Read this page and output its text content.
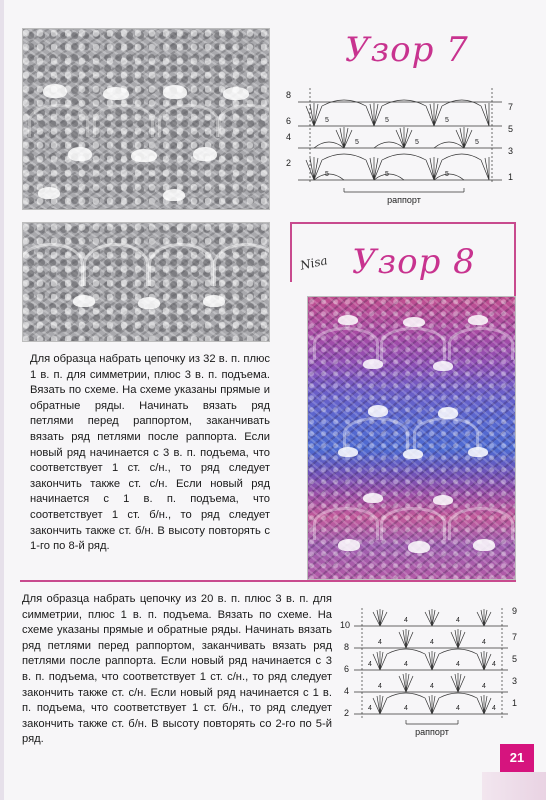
Узор 7
5	5	5
5	5	5
5	5	5
8
6
4
2
7
5
3
1
раппорт
Nisa Узор 8

Для образца набрать цепочку из 32 в. п. плюс 1 в. п. для симметрии, плюс 3 в. п. подъема. Вязать по схеме. На схеме указаны прямые и обратные ряды. Начинать вязать ряд петлями перед раппортом, заканчивать вязать ряд петлями после раппорта. Если новый ряд начинается с 3 в. п. подъема, что соответствует 1 ст. с/н., то ряд следует закончить также ст. с/н. Если новый ряд начинается с 1 в. п. подъема, что соответствует 1 ст. б/н., то ряд следует закончить также ст. б/н. В высоту повторять с 1-го по 8-й ряд.

Для образца набрать цепочку из 20 в. п. плюс 3 в. п. для симметрии, плюс 1 в. п. подъема. Вязать по схеме. На схеме указаны прямые и обратные ряды. Начинать вязать ряд петлями перед раппортом, заканчивать вязать ряд петлями после раппорта. Если новый ряд начинается с 3 в. п. подъема, что соответствует 1 ст. с/н., то ряд следует закончить также ст. с/н. Если новый ряд начинается с 1 в. п. подъема, что соответствует 1 ст. б/н., то ряд следует закончить также ст. б/н. В высоту повторять со 2-го по 5-й ряд.

4	4	4	4
4
4	4
4	4	4	4
4
4	4
4	4
10
8
6
4
2
9
7
5
3
1
раппорт
21
